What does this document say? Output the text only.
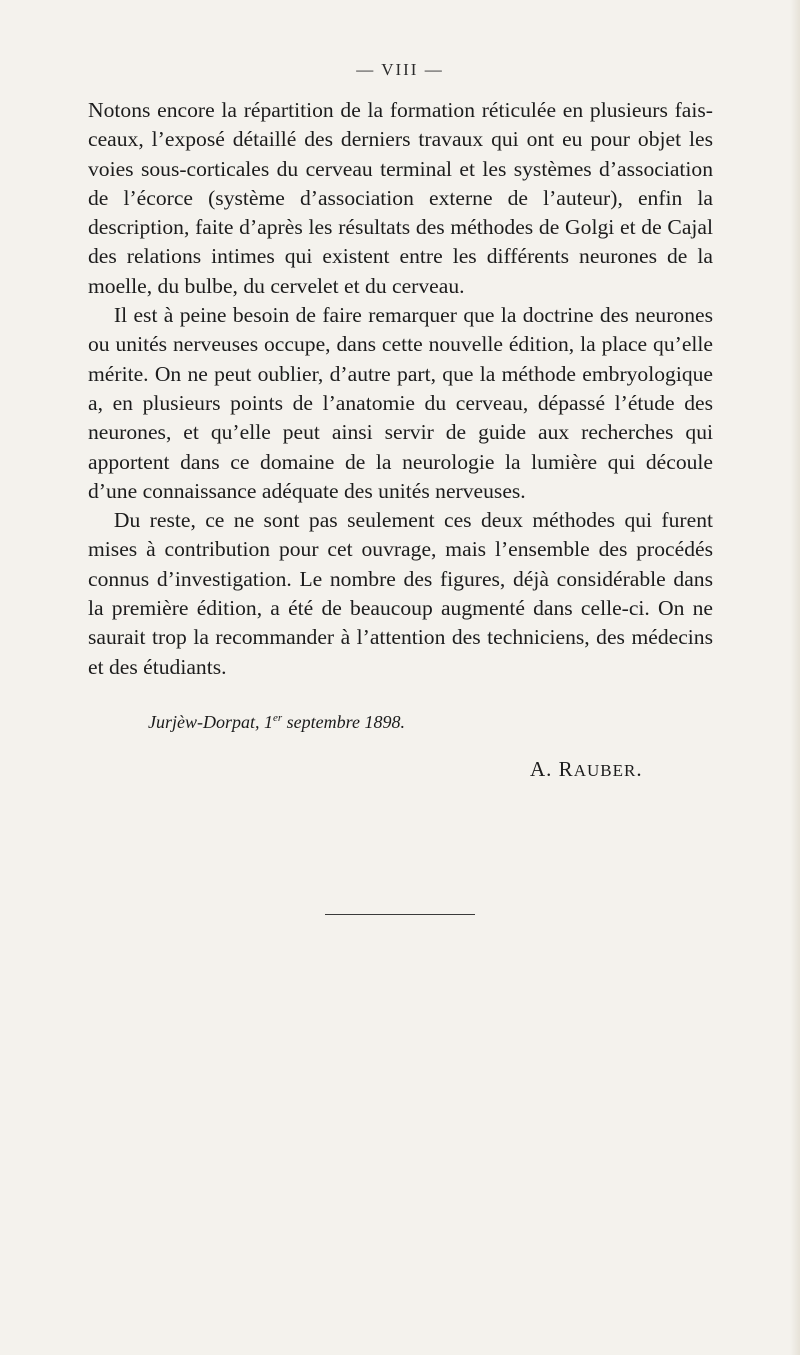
— VIII —

Notons encore la répartition de la formation réticulée en plusieurs fais-ceaux, l’exposé détaillé des derniers travaux qui ont eu pour objet les voies sous-corticales du cerveau terminal et les systèmes d’association de l’écorce (système d’association externe de l’auteur), enfin la description, faite d’après les résultats des méthodes de Golgi et de Cajal des relations intimes qui existent entre les différents neurones de la moelle, du bulbe, du cervelet et du cerveau.

Il est à peine besoin de faire remarquer que la doctrine des neurones ou unités nerveuses occupe, dans cette nouvelle édition, la place qu’elle mérite. On ne peut oublier, d’autre part, que la méthode embryologique a, en plusieurs points de l’anatomie du cerveau, dépassé l’étude des neurones, et qu’elle peut ainsi servir de guide aux recherches qui apportent dans ce domaine de la neurologie la lumière qui découle d’une connaissance adéquate des unités nerveuses.

Du reste, ce ne sont pas seulement ces deux méthodes qui furent mises à contribution pour cet ouvrage, mais l’ensemble des procédés connus d’investigation. Le nombre des figures, déjà considérable dans la première édition, a été de beaucoup augmenté dans celle-ci. On ne saurait trop la recommander à l’attention des techniciens, des médecins et des étudiants.

Jurjèw-Dorpat, 1er septembre 1898.
A. RAUBER.
